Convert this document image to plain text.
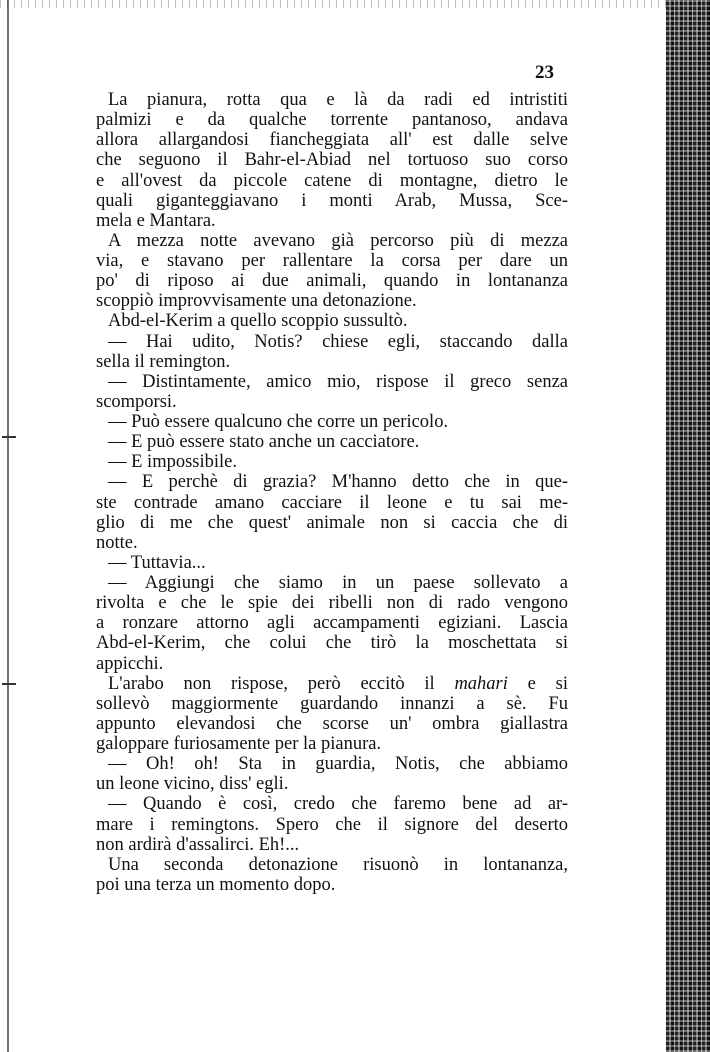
23
La pianura, rotta qua e là da radi ed intristiti
palmizi e da qualche torrente pantanoso, andava
allora allargandosi fiancheggiata all' est dalle selve
che seguono il Bahr-el-Abiad nel tortuoso suo corso
e all'ovest da piccole catene di montagne, dietro le
quali giganteggiavano i monti Arab, Mussa, Sce-
mela e Mantara.
A mezza notte avevano già percorso più di mezza
via, e stavano per rallentare la corsa per dare un
po' di riposo ai due animali, quando in lontananza
scoppiò improvvisamente una detonazione.
Abd-el-Kerim a quello scoppio sussultò.
— Hai udito, Notis? chiese egli, staccando dalla
sella il remington.
— Distintamente, amico mio, rispose il greco senza
scomporsi.
— Può essere qualcuno che corre un pericolo.
— E può essere stato anche un cacciatore.
— E impossibile.
— E perchè di grazia? M'hanno detto che in que-
ste contrade amano cacciare il leone e tu sai me-
glio di me che quest' animale non si caccia che di
notte.
— Tuttavia...
— Aggiungi che siamo in un paese sollevato a
rivolta e che le spie dei ribelli non di rado vengono
a ronzare attorno agli accampamenti egiziani. Lascia
Abd-el-Kerim, che colui che tirò la moschettata si
appicchi.
L'arabo non rispose, però eccitò il mahari e si
sollevò maggiormente guardando innanzi a sè. Fu
appunto elevandosi che scorse un' ombra giallastra
galoppare furiosamente per la pianura.
— Oh! oh! Sta in guardia, Notis, che abbiamo
un leone vicino, diss' egli.
— Quando è così, credo che faremo bene ad ar-
mare i remingtons. Spero che il signore del deserto
non ardirà d'assalirci. Eh!...
Una seconda detonazione risuonò in lontananza,
poi una terza un momento dopo.
